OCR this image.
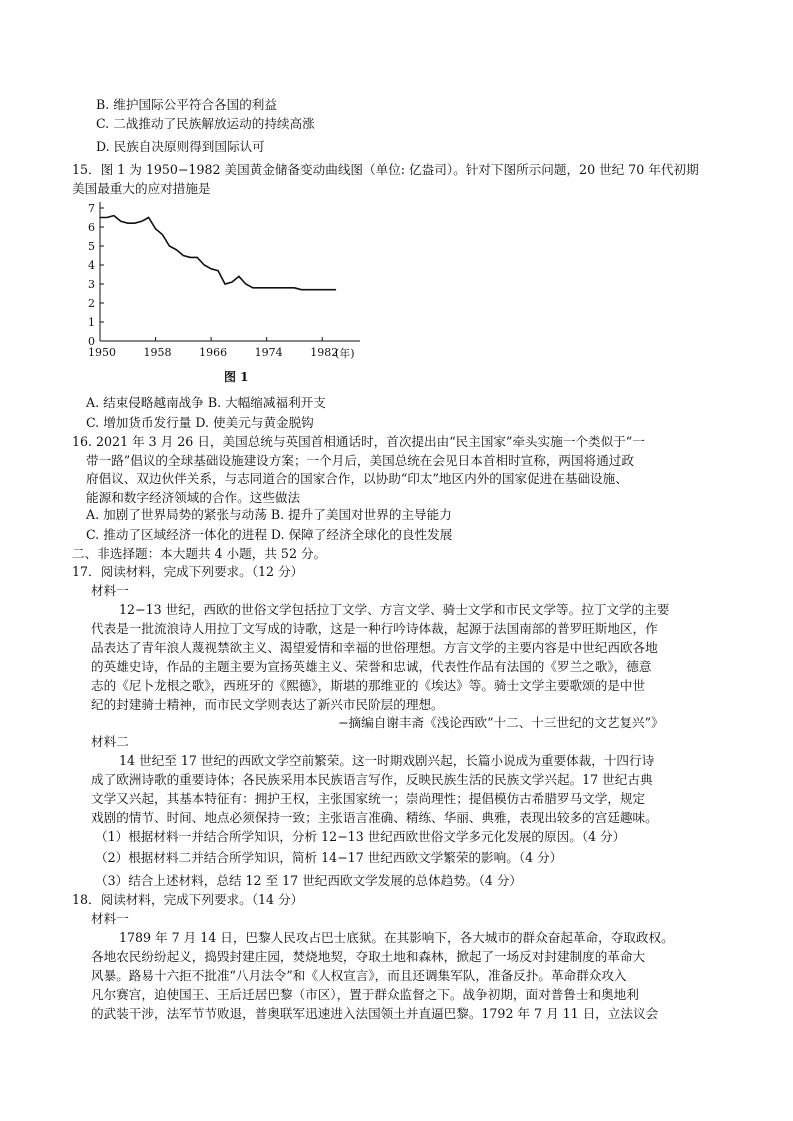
B. 维护国际公平符合各国的利益
C. 二战推动了民族解放运动的持续高涨
D. 民族自决原则得到国际认可
15．图 1 为 1950−1982 美国黄金储备变动曲线图（单位: 亿盎司）。针对下图所示问题，20 世纪 70 年代初期
美国最重大的应对措施是
0
1
2
3
4
5
6
7
1950	1958	1966	1974	1982
(年)
图 1
A. 结束侵略越南战争 B. 大幅缩减福利开支
C. 增加货币发行量 D. 使美元与黄金脱钩
16. 2021 年 3 月 26 日，美国总统与英国首相通话时，首次提出由“民主国家”牵头实施一个类似于“一
带一路”倡议的全球基础设施建设方案；一个月后，美国总统在会见日本首相时宣称，两国将通过政
府倡议、双边伙伴关系，与志同道合的国家合作，以协助“印太”地区内外的国家促进在基础设施、
能源和数字经济领域的合作。这些做法
A. 加剧了世界局势的紧张与动荡 B. 提升了美国对世界的主导能力
C. 推动了区域经济一体化的进程 D. 保障了经济全球化的良性发展
二、非选择题：本大题共 4 小题，共 52 分。
17．阅读材料，完成下列要求。（12 分）
材料一
12−13 世纪，西欧的世俗文学包括拉丁文学、方言文学、骑士文学和市民文学等。拉丁文学的主要
代表是一批流浪诗人用拉丁文写成的诗歌，这是一种行吟诗体裁，起源于法国南部的普罗旺斯地区，作
品表达了青年浪人蔑视禁欲主义、渴望爱情和幸福的世俗理想。方言文学的主要内容是中世纪西欧各地
的英雄史诗，作品的主题主要为宣扬英雄主义、荣誉和忠诚，代表性作品有法国的《罗兰之歌》，德意
志的《尼卜龙根之歌》，西班牙的《熙德》，斯堪的那维亚的《埃达》等。骑士文学主要歌颂的是中世
纪的封建骑士精神，而市民文学则表达了新兴市民阶层的理想。
−摘编自谢丰斋《浅论西欧”十二、十三世纪的文艺复兴”》
材料二
14 世纪至 17 世纪的西欧文学空前繁荣。这一时期戏剧兴起，长篇小说成为重要体裁，十四行诗
成了欧洲诗歌的重要诗体；各民族采用本民族语言写作，反映民族生活的民族文学兴起。17 世纪古典
文学又兴起，其基本特征有：拥护王权，主张国家统一；崇尚理性；提倡模仿古希腊罗马文学，规定
戏剧的情节、时间、地点必须保持一致；主张语言准确、精练、华丽、典雅，表现出较多的宫廷趣味。
（1）根据材料一并结合所学知识，分析 12−13 世纪西欧世俗文学多元化发展的原因。（4 分）
（2）根据材料二并结合所学知识，简析 14−17 世纪西欧文学繁荣的影响。（4 分）
（3）结合上述材料，总结 12 至 17 世纪西欧文学发展的总体趋势。（4 分）
18．阅读材料，完成下列要求。（14 分）
材料一
1789 年 7 月 14 日，巴黎人民攻占巴士底狱。在其影响下，各大城市的群众奋起革命，夺取政权。
各地农民纷纷起义，捣毁封建庄园，焚烧地契，夺取土地和森林，掀起了一场反对封建制度的革命大
风暴。路易十六拒不批准“八月法令”和《人权宣言》，而且还调集军队，准备反扑。革命群众攻入
凡尔赛宫，迫使国王、王后迁居巴黎（市区），置于群众监督之下。战争初期，面对普鲁士和奥地利
的武装干涉，法军节节败退，普奥联军迅速进入法国领土并直逼巴黎。1792 年 7 月 11 日，立法议会
